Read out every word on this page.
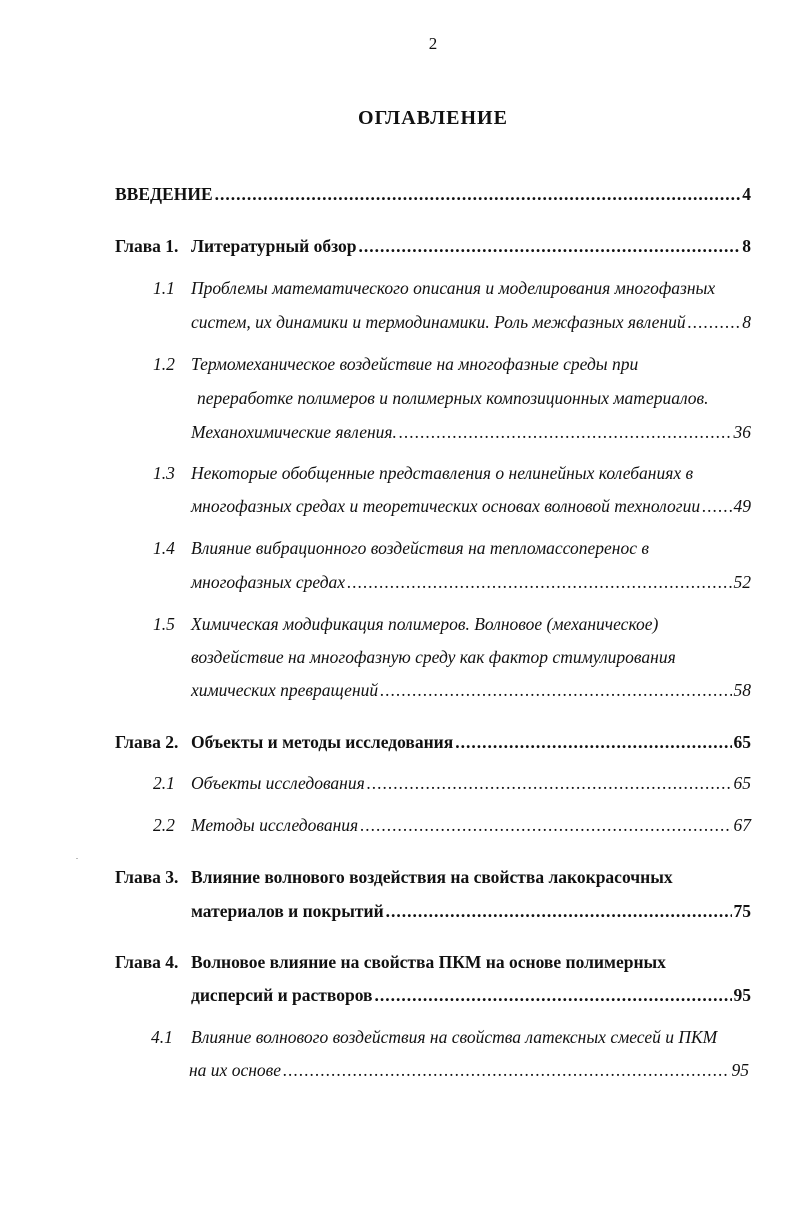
2
ОГЛАВЛЕНИЕ
ВВЕДЕНИЕ .....	4
Глава 1. Литературный обзор .....	8
1.1 Проблемы математического описания и моделирования многофазных
систем, их динамики и термодинамики. Роль межфазных явлений .....	8
1.2 Термомеханическое воздействие на многофазные среды при
переработке полимеров и полимерных композиционных материалов.
Механохимические явления. .....	36
1.3 Некоторые обобщенные представления о нелинейных колебаниях в
многофазных средах и теоретических основах волновой технологии ..... 49
1.4 Влияние вибрационного воздействия на тепломассоперенос в
многофазных средах .....	52
1.5 Химическая модификация полимеров. Волновое (механическое)
воздействие на многофазную среду как фактор стимулирования
химических превращений .....	58
Глава 2. Объекты и методы исследования .....	65
2.1 Объекты исследования .....	65
2.2 Методы исследования .....	67
Глава 3. Влияние волнового воздействия на свойства лакокрасочных
материалов и покрытий .....	75
Глава 4. Волновое влияние на свойства ПКМ на основе полимерных
дисперсий и растворов .....	95
4.1 Влияние волнового воздействия на свойства латексных смесей и ПКМ
на их основе .....	95
